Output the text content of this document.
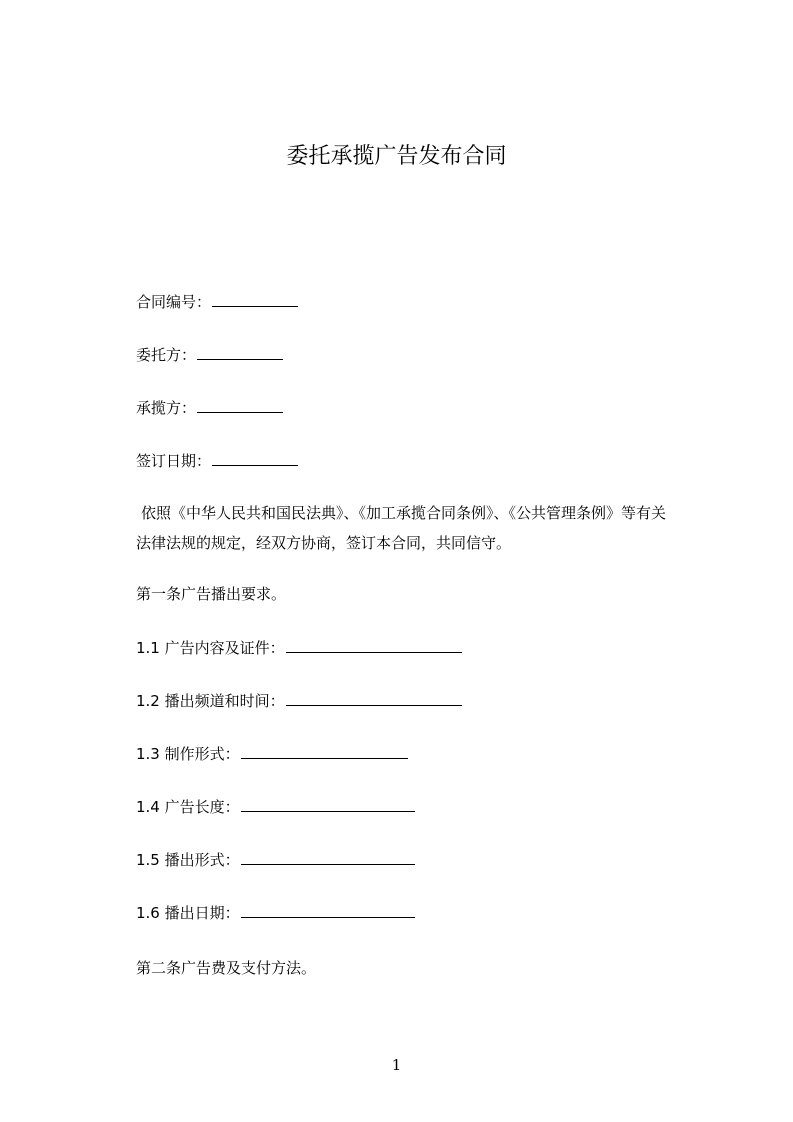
委托承揽广告发布合同
合同编号：
委托方：
承揽方：
签订日期：
依照《中华人民共和国民法典》、《加工承揽合同条例》、《公共管理条例》等有关
法律法规的规定，经双方协商，签订本合同，共同信守。
第一条广告播出要求。
1.1 广告内容及证件：
1.2 播出频道和时间：
1.3 制作形式：
1.4 广告长度：
1.5 播出形式：
1.6 播出日期：
第二条广告费及支付方法。
1
